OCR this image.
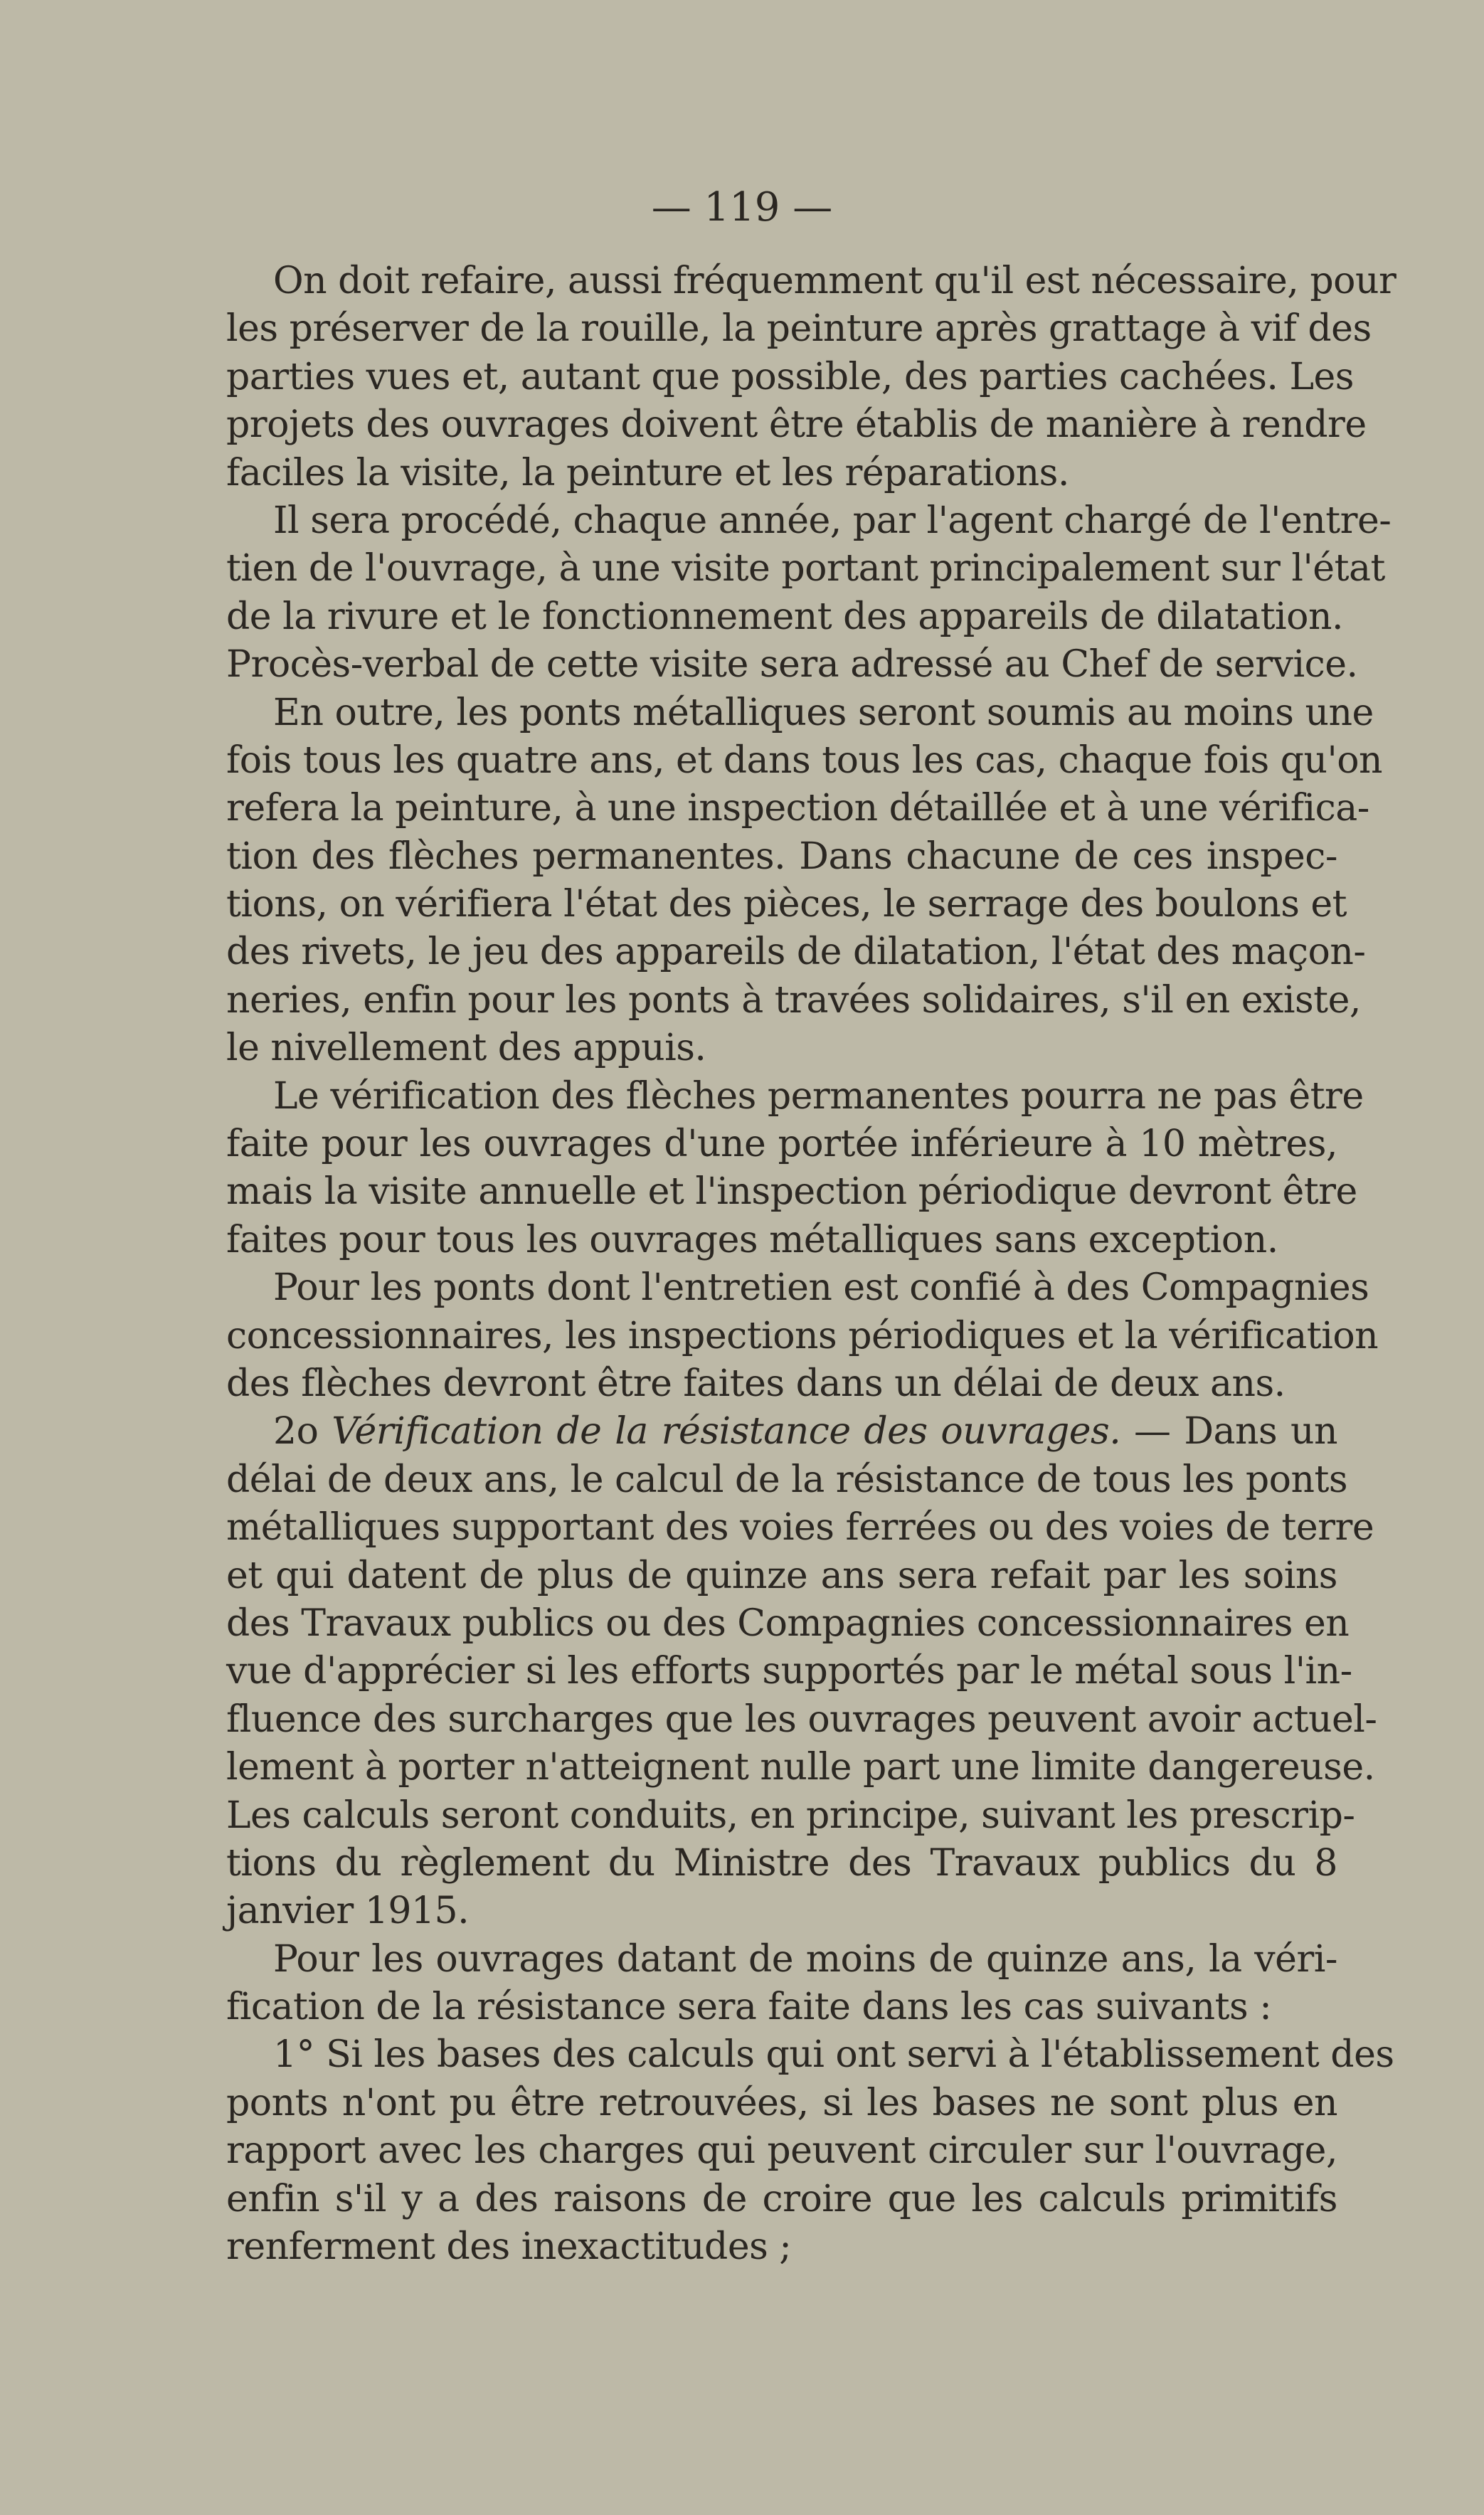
— 119 —
On doit refaire, aussi fréquemment qu'il est nécessaire, pour
les préserver de la rouille, la peinture après grattage à vif des
parties vues et, autant que possible, des parties cachées. Les
projets des ouvrages doivent être établis de manière à rendre
faciles la visite, la peinture et les réparations.
Il sera procédé, chaque année, par l'agent chargé de l'entre-
tien de l'ouvrage, à une visite portant principalement sur l'état
de la rivure et le fonctionnement des appareils de dilatation.
Procès-verbal de cette visite sera adressé au Chef de service.
En outre, les ponts métalliques seront soumis au moins une
fois tous les quatre ans, et dans tous les cas, chaque fois qu'on
refera la peinture, à une inspection détaillée et à une vérifica-
tion des flèches permanentes. Dans chacune de ces inspec-
tions, on vérifiera l'état des pièces, le serrage des boulons et
des rivets, le jeu des appareils de dilatation, l'état des maçon-
neries, enfin pour les ponts à travées solidaires, s'il en existe,
le nivellement des appuis.
Le vérification des flèches permanentes pourra ne pas être
faite pour les ouvrages d'une portée inférieure à 10 mètres,
mais la visite annuelle et l'inspection périodique devront être
faites pour tous les ouvrages métalliques sans exception.
Pour les ponts dont l'entretien est confié à des Compagnies
concessionnaires, les inspections périodiques et la vérification
des flèches devront être faites dans un délai de deux ans.
2o Vérification de la résistance des ouvrages. — Dans un
délai de deux ans, le calcul de la résistance de tous les ponts
métalliques supportant des voies ferrées ou des voies de terre
et qui datent de plus de quinze ans sera refait par les soins
des Travaux publics ou des Compagnies concessionnaires en
vue d'apprécier si les efforts supportés par le métal sous l'in-
fluence des surcharges que les ouvrages peuvent avoir actuel-
lement à porter n'atteignent nulle part une limite dangereuse.
Les calculs seront conduits, en principe, suivant les prescrip-
tions du règlement du Ministre des Travaux publics du 8
janvier 1915.
Pour les ouvrages datant de moins de quinze ans, la véri-
fication de la résistance sera faite dans les cas suivants :
1° Si les bases des calculs qui ont servi à l'établissement des
ponts n'ont pu être retrouvées, si les bases ne sont plus en
rapport avec les charges qui peuvent circuler sur l'ouvrage,
enfin s'il y a des raisons de croire que les calculs primitifs
renferment des inexactitudes ;
